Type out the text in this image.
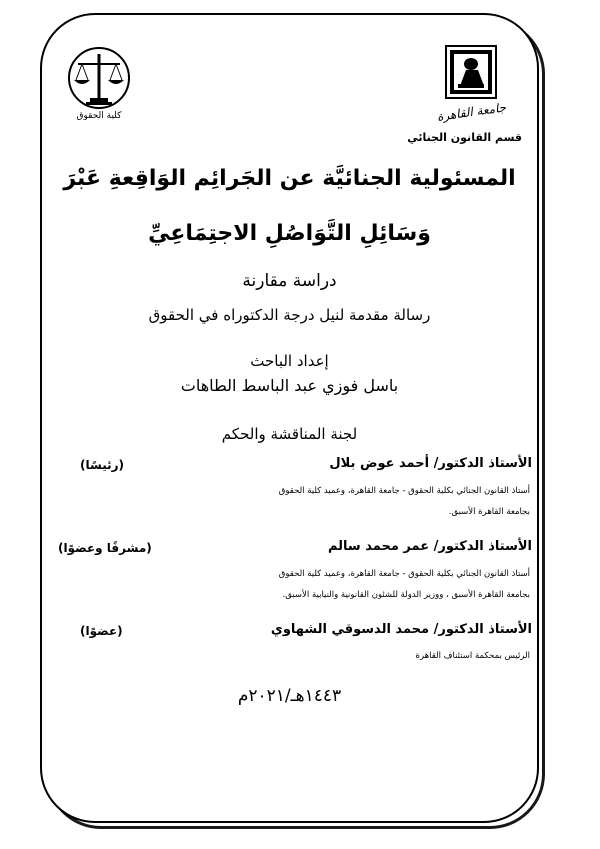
كلية الحقوق	جامعة القاهرة
قسم القانون الجنائي
المسئولية الجنائيَّة عن الجَرائِم الوَاقِعةِ عَبْرَ
وَسَائِلِ التَّوَاصُلِ الاجتِمَاعِيِّ
دراسة مقارنة
رسالة مقدمة لنيل درجة الدكتوراه في الحقوق
إعداد الباحث
باسل فوزي عبد الباسط الطاهات
لجنة المناقشة والحكم
الأستاذ الدكتور/ أحمد عوض بلال
(رئيسًا)
أستاذ القانون الجنائي بكلية الحقوق - جامعة القاهرة، وعميد كلية الحقوق
بجامعة القاهرة الأسبق.
الأستاذ الدكتور/ عمر محمد سالم
(مشرفًا وعضوًا)
أستاذ القانون الجنائي بكلية الحقوق - جامعة القاهرة، وعميد كلية الحقوق
بجامعة القاهرة الأسبق ، ووزير الدولة للشئون القانونية والنيابية الأسبق.
الأستاذ الدكتور/ محمد الدسوقي الشهاوي
(عضوًا)
الرئيس بمحكمة استئناف القاهرة
١٤٤٣هـ/٢٠٢١م
